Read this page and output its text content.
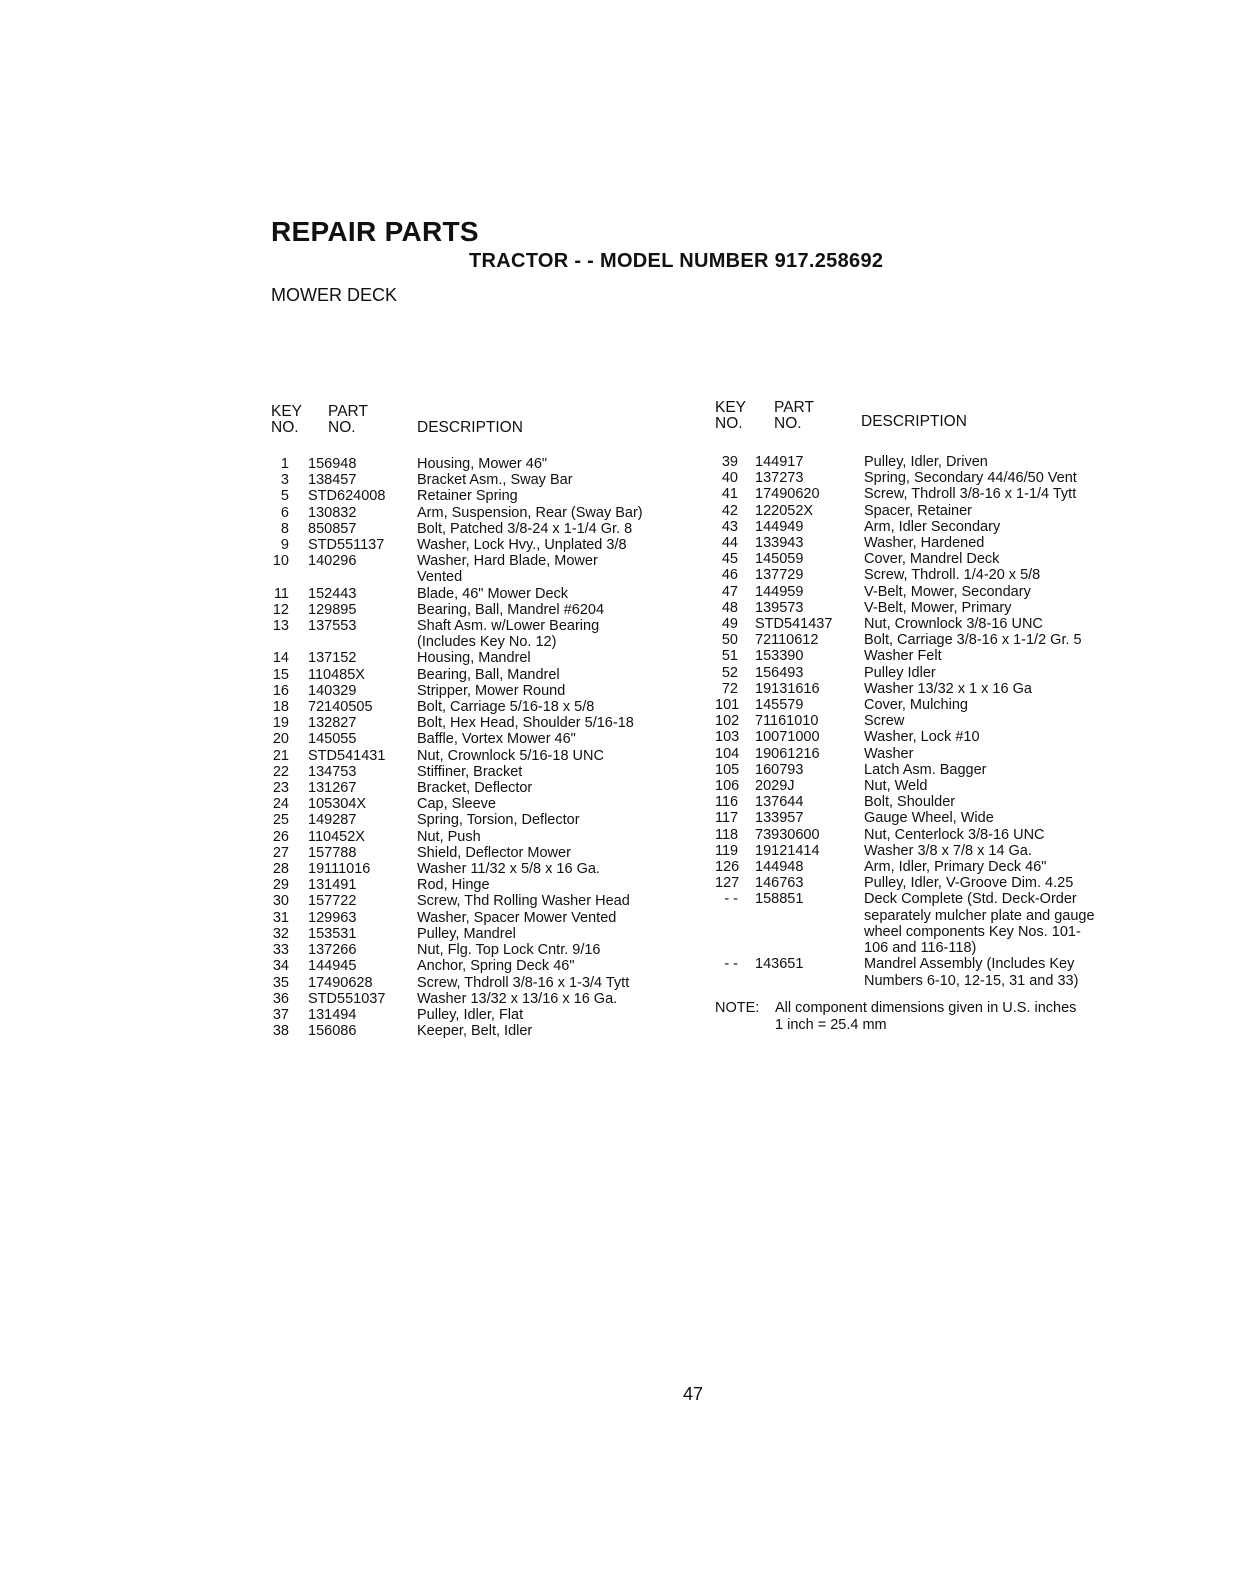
REPAIR PARTS
TRACTOR - - MODEL NUMBER 917.258692
MOWER DECK
KEY
NO.
PART
NO.	DESCRIPTION
1	156948	Housing, Mower 46"
3	138457	Bracket Asm., Sway Bar
5	STD624008	Retainer Spring
6	130832	Arm, Suspension, Rear (Sway Bar)
8	850857	Bolt, Patched 3/8-24 x 1-1/4 Gr. 8
9	STD551137	Washer, Lock Hvy., Unplated 3/8
10	140296	Washer, Hard Blade, Mower
Vented
11	152443	Blade, 46" Mower Deck
12	129895	Bearing, Ball, Mandrel #6204
13	137553	Shaft Asm. w/Lower Bearing
(Includes Key No. 12)
14	137152	Housing, Mandrel
15	110485X	Bearing, Ball, Mandrel
16	140329	Stripper, Mower Round
18	72140505	Bolt, Carriage 5/16-18 x 5/8
19	132827	Bolt, Hex Head, Shoulder 5/16-18
20	145055	Baffle, Vortex Mower 46"
21	STD541431	Nut, Crownlock 5/16-18 UNC
22	134753	Stiffiner, Bracket
23	131267	Bracket, Deflector
24	105304X	Cap, Sleeve
25	149287	Spring, Torsion, Deflector
26	110452X	Nut, Push
27	157788	Shield, Deflector Mower
28	19111016	Washer 11/32 x 5/8 x 16 Ga.
29	131491	Rod, Hinge
30	157722	Screw, Thd Rolling Washer Head
31	129963	Washer, Spacer Mower Vented
32	153531	Pulley, Mandrel
33	137266	Nut, Flg. Top Lock Cntr. 9/16
34	144945	Anchor, Spring Deck 46"
35	17490628	Screw, Thdroll 3/8-16 x 1-3/4 Tytt
36	STD551037	Washer 13/32 x 13/16 x 16 Ga.
37	131494	Pulley, Idler, Flat
38	156086	Keeper, Belt, Idler
KEY
NO.
PART
NO.	DESCRIPTION
39	144917	Pulley, Idler, Driven
40	137273	Spring, Secondary 44/46/50 Vent
41	17490620	Screw, Thdroll 3/8-16 x 1-1/4 Tytt
42	122052X	Spacer, Retainer
43	144949	Arm, Idler Secondary
44	133943	Washer, Hardened
45	145059	Cover, Mandrel Deck
46	137729	Screw, Thdroll. 1/4-20 x 5/8
47	144959	V-Belt, Mower, Secondary
48	139573	V-Belt, Mower, Primary
49	STD541437	Nut, Crownlock 3/8-16 UNC
50	72110612	Bolt, Carriage 3/8-16 x 1-1/2 Gr. 5
51	153390	Washer Felt
52	156493	Pulley Idler
72	19131616	Washer 13/32 x 1 x 16 Ga
101	145579	Cover, Mulching
102	71161010	Screw
103	10071000	Washer, Lock #10
104	19061216	Washer
105	160793	Latch Asm. Bagger
106	2029J	Nut, Weld
116	137644	Bolt, Shoulder
117	133957	Gauge Wheel, Wide
118	73930600	Nut, Centerlock 3/8-16 UNC
119	19121414	Washer 3/8 x 7/8 x 14 Ga.
126	144948	Arm, Idler, Primary Deck 46"
127	146763	Pulley, Idler, V-Groove Dim. 4.25
- -	158851	Deck Complete (Std. Deck-Order
separately mulcher plate and gauge
wheel components Key Nos. 101-
106 and 116-118)
- -	143651	Mandrel Assembly (Includes Key
Numbers 6-10, 12-15, 31 and 33)
NOTE:	All component dimensions given in U.S. inches
1 inch = 25.4 mm
47
